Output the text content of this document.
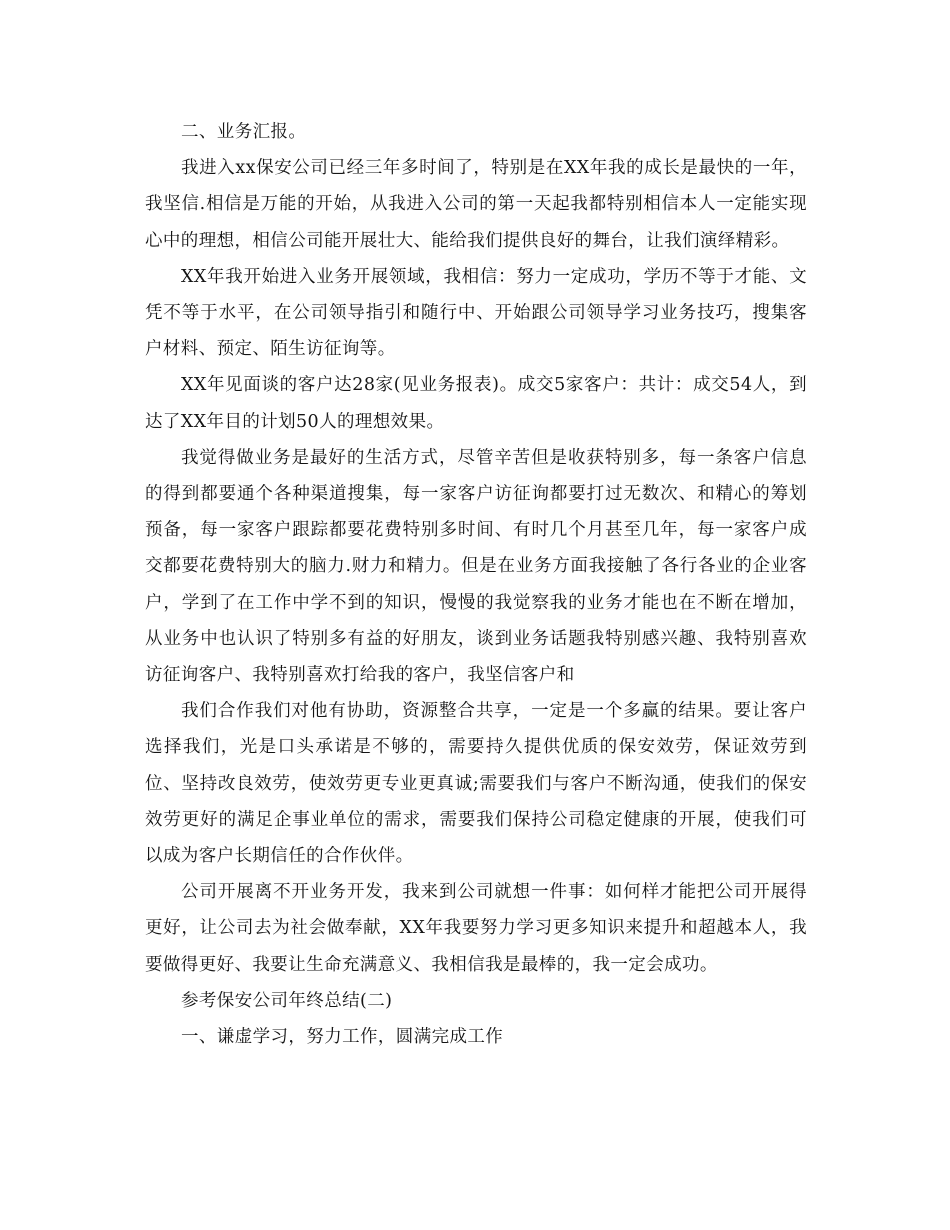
二、业务汇报。

我进入xx保安公司已经三年多时间了，特别是在XX年我的成长是最快的一年，我坚信.相信是万能的开始，从我进入公司的第一天起我都特别相信本人一定能实现心中的理想，相信公司能开展壮大、能给我们提供良好的舞台，让我们演绎精彩。

XX年我开始进入业务开展领域，我相信：努力一定成功，学历不等于才能、文凭不等于水平，在公司领导指引和随行中、开始跟公司领导学习业务技巧，搜集客户材料、预定、陌生访征询等。

XX年见面谈的客户达28家(见业务报表)。成交5家客户：共计：成交54人，到达了XX年目的计划50人的理想效果。

我觉得做业务是最好的生活方式，尽管辛苦但是收获特别多，每一条客户信息的得到都要通个各种渠道搜集，每一家客户访征询都要打过无数次、和精心的筹划预备，每一家客户跟踪都要花费特别多时间、有时几个月甚至几年，每一家客户成交都要花费特别大的脑力.财力和精力。但是在业务方面我接触了各行各业的企业客户，学到了在工作中学不到的知识，慢慢的我觉察我的业务才能也在不断在增加，从业务中也认识了特别多有益的好朋友，谈到业务话题我特别感兴趣、我特别喜欢访征询客户、我特别喜欢打给我的客户，我坚信客户和

我们合作我们对他有协助，资源整合共享，一定是一个多赢的结果。要让客户选择我们，光是口头承诺是不够的，需要持久提供优质的保安效劳，保证效劳到位、坚持改良效劳，使效劳更专业更真诚;需要我们与客户不断沟通，使我们的保安效劳更好的满足企事业单位的需求，需要我们保持公司稳定健康的开展，使我们可以成为客户长期信任的合作伙伴。

公司开展离不开业务开发，我来到公司就想一件事：如何样才能把公司开展得更好，让公司去为社会做奉献，XX年我要努力学习更多知识来提升和超越本人，我要做得更好、我要让生命充满意义、我相信我是最棒的，我一定会成功。

参考保安公司年终总结(二)

一、谦虚学习，努力工作，圆满完成工作
